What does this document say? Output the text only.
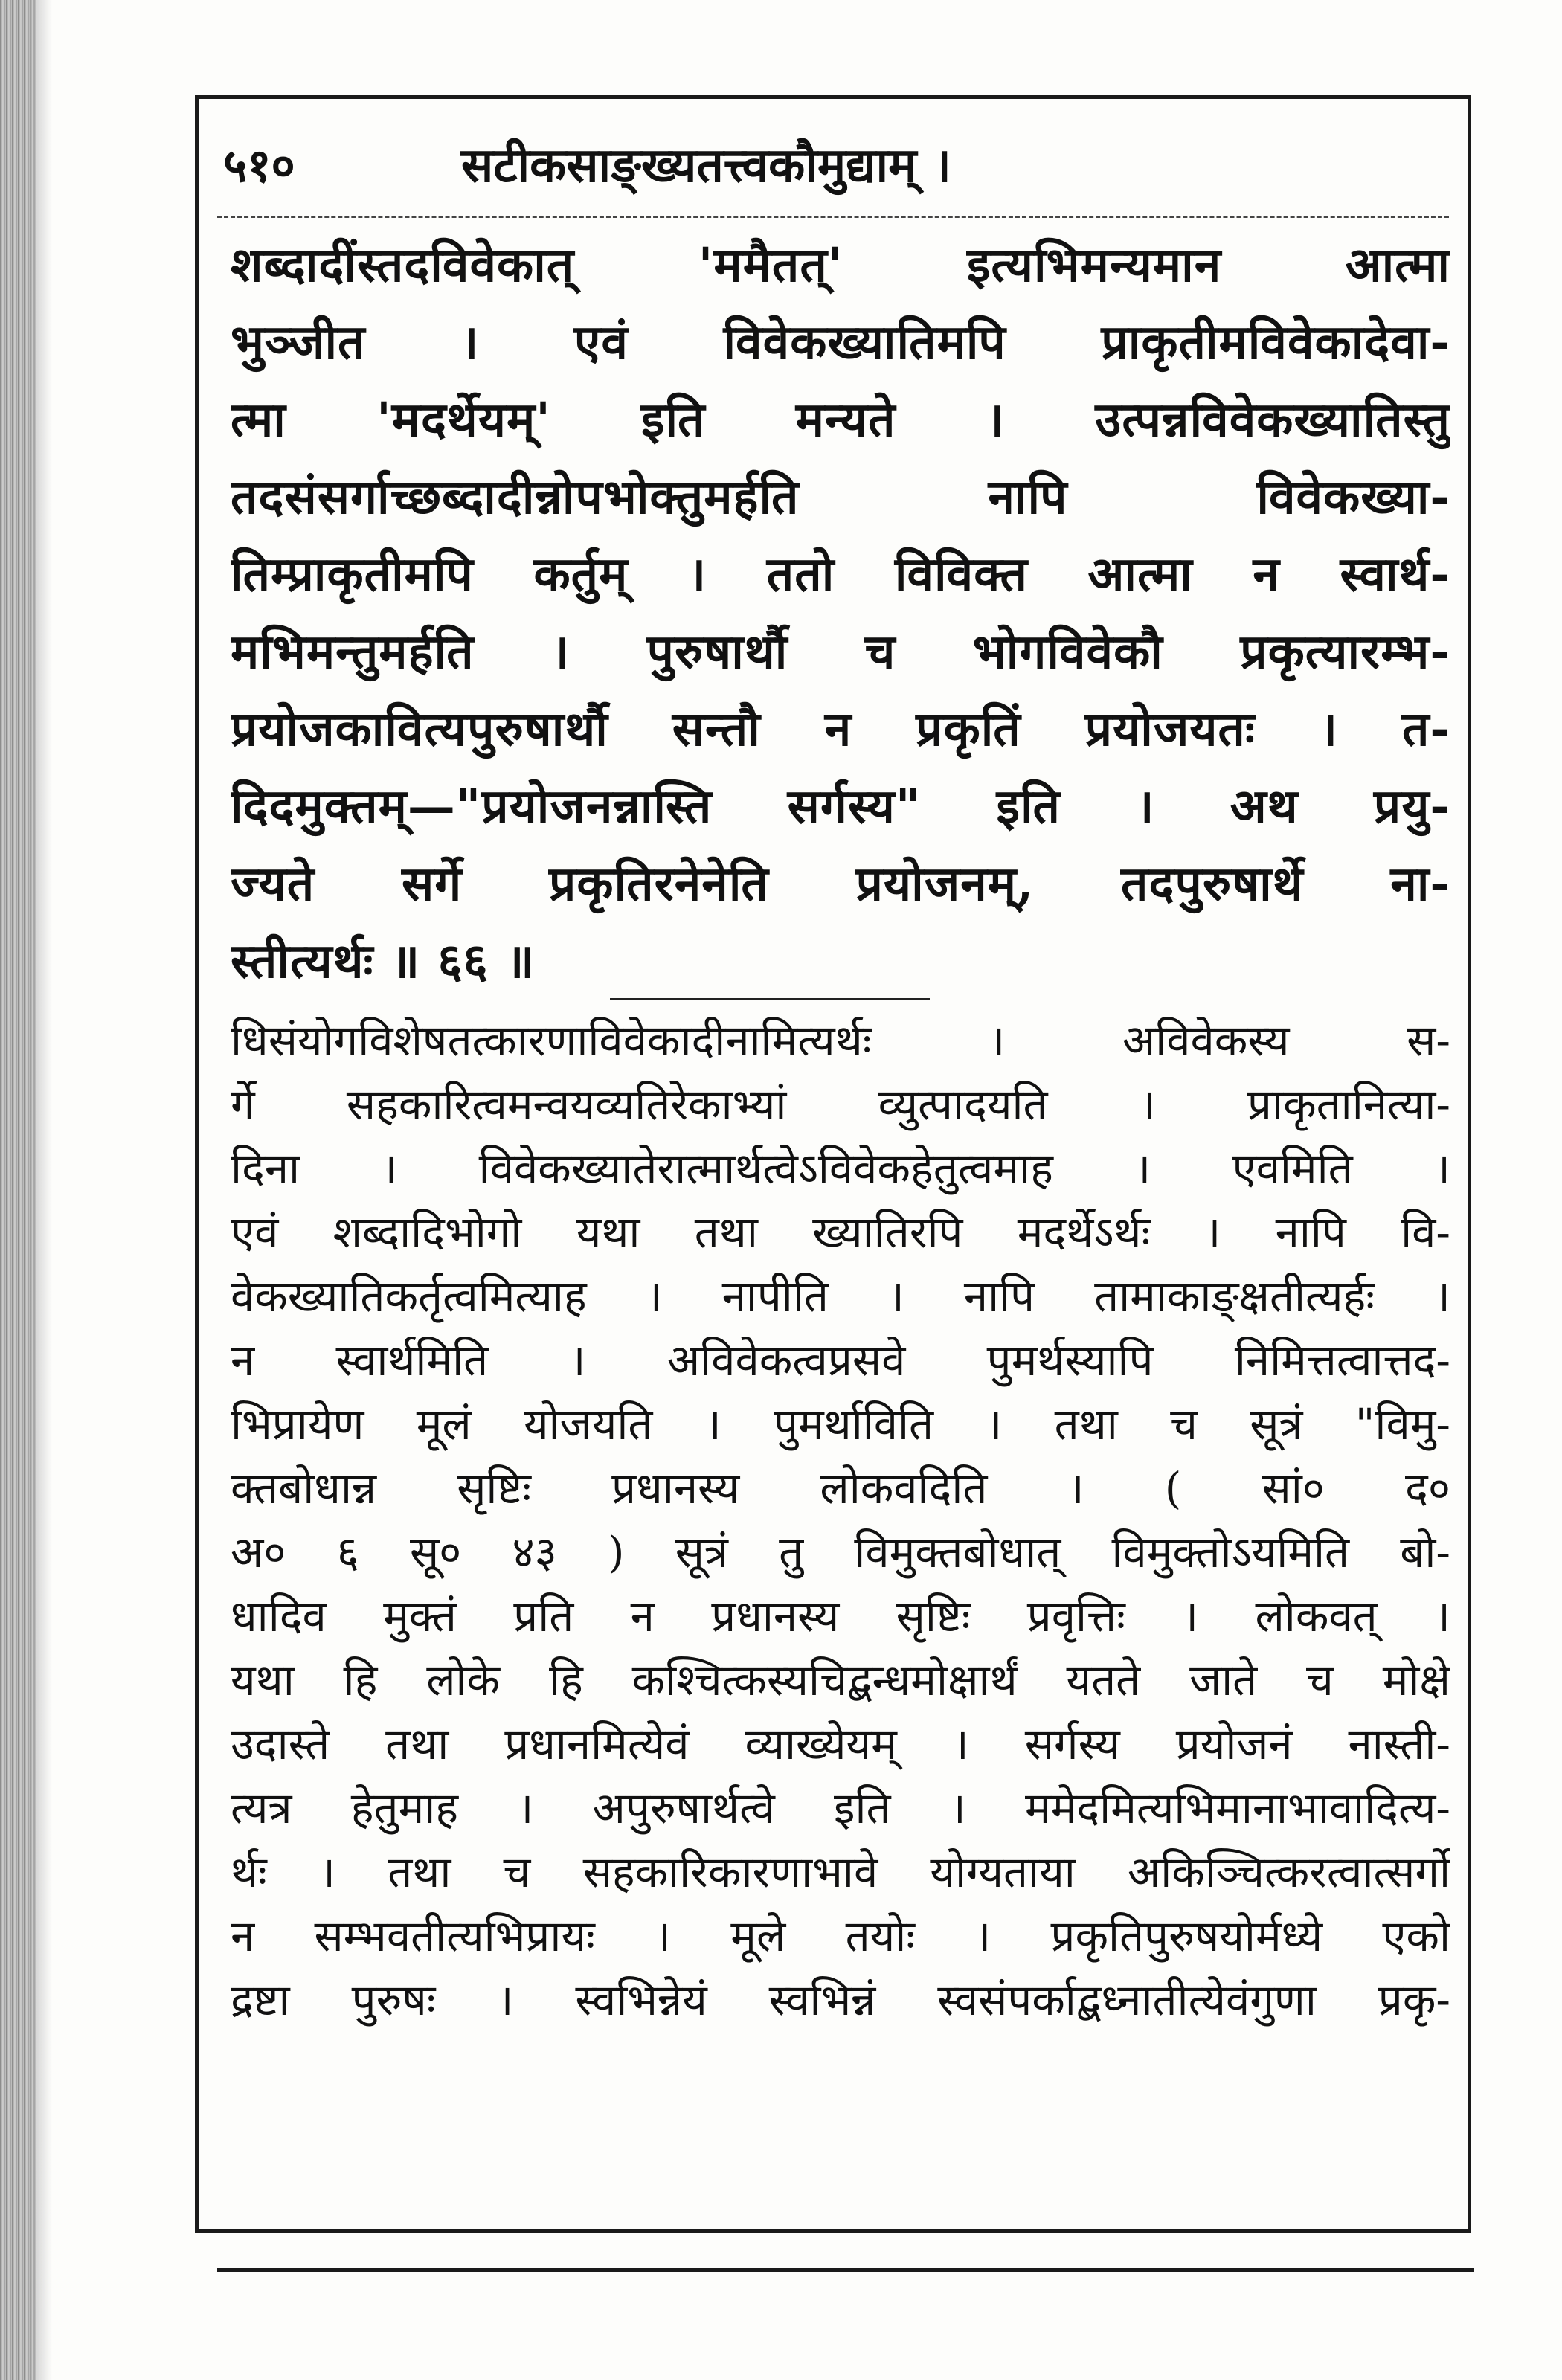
५१०	सटीकसाङ्ख्यतत्त्वकौमुद्याम् ।
शब्दादींस्तदविवेकात् 'ममैतत्' इत्यभिमन्यमान आत्मा
भुञ्जीत । एवं विवेकख्यातिमपि प्राकृतीमविवेकादेवा-
त्मा 'मदर्थेयम्' इति मन्यते । उत्पन्नविवेकख्यातिस्तु
तदसंसर्गाच्छब्दादीन्नोपभोक्तुमर्हति नापि विवेकख्या-
तिम्प्राकृतीमपि कर्तुम् । ततो विविक्त आत्मा न स्वार्थ-
मभिमन्तुमर्हति । पुरुषार्थौ च भोगविवेकौ प्रकृत्यारम्भ-
प्रयोजकावित्यपुरुषार्थौ सन्तौ न प्रकृतिं प्रयोजयतः । त-
दिदमुक्तम्—"प्रयोजनन्नास्ति सर्गस्य" इति । अथ प्रयु-
ज्यते सर्गे प्रकृतिरनेनेति प्रयोजनम्, तदपुरुषार्थे ना-
स्तीत्यर्थः ॥ ६६ ॥
धिसंयोगविशेषतत्कारणाविवेकादीनामित्यर्थः । अविवेकस्य स-
र्गे सहकारित्वमन्वयव्यतिरेकाभ्यां व्युत्पादयति । प्राकृतानित्या-
दिना । विवेकख्यातेरात्मार्थत्वेऽविवेकहेतुत्वमाह । एवमिति ।
एवं शब्दादिभोगो यथा तथा ख्यातिरपि मदर्थेऽर्थः । नापि वि-
वेकख्यातिकर्तृत्वमित्याह । नापीति । नापि तामाकाङ्क्षतीत्यर्हः ।
न स्वार्थमिति । अविवेकत्वप्रसवे पुमर्थस्यापि निमित्तत्वात्तद-
भिप्रायेण मूलं योजयति । पुमर्थाविति । तथा च सूत्रं "विमु-
क्तबोधान्न सृष्टिः प्रधानस्य लोकवदिति । ( सां० द०
अ० ६ सू० ४३ ) सूत्रं तु विमुक्तबोधात् विमुक्तोऽयमिति बो-
धादिव मुक्तं प्रति न प्रधानस्य सृष्टिः प्रवृत्तिः । लोकवत् ।
यथा हि लोके हि कश्चित्कस्यचिद्बन्धमोक्षार्थं यतते जाते च मोक्षे
उदास्ते तथा प्रधानमित्येवं व्याख्येयम् । सर्गस्य प्रयोजनं नास्ती-
त्यत्र हेतुमाह । अपुरुषार्थत्वे इति । ममेदमित्यभिमानाभावादित्य-
र्थः । तथा च सहकारिकारणाभावे योग्यताया अकिञ्चित्करत्वात्सर्गो
न सम्भवतीत्यभिप्रायः । मूले तयोः । प्रकृतिपुरुषयोर्मध्ये एको
द्रष्टा पुरुषः । स्वभिन्नेयं स्वभिन्नं स्वसंपर्काद्बध्नातीत्येवंगुणा प्रकृ-
